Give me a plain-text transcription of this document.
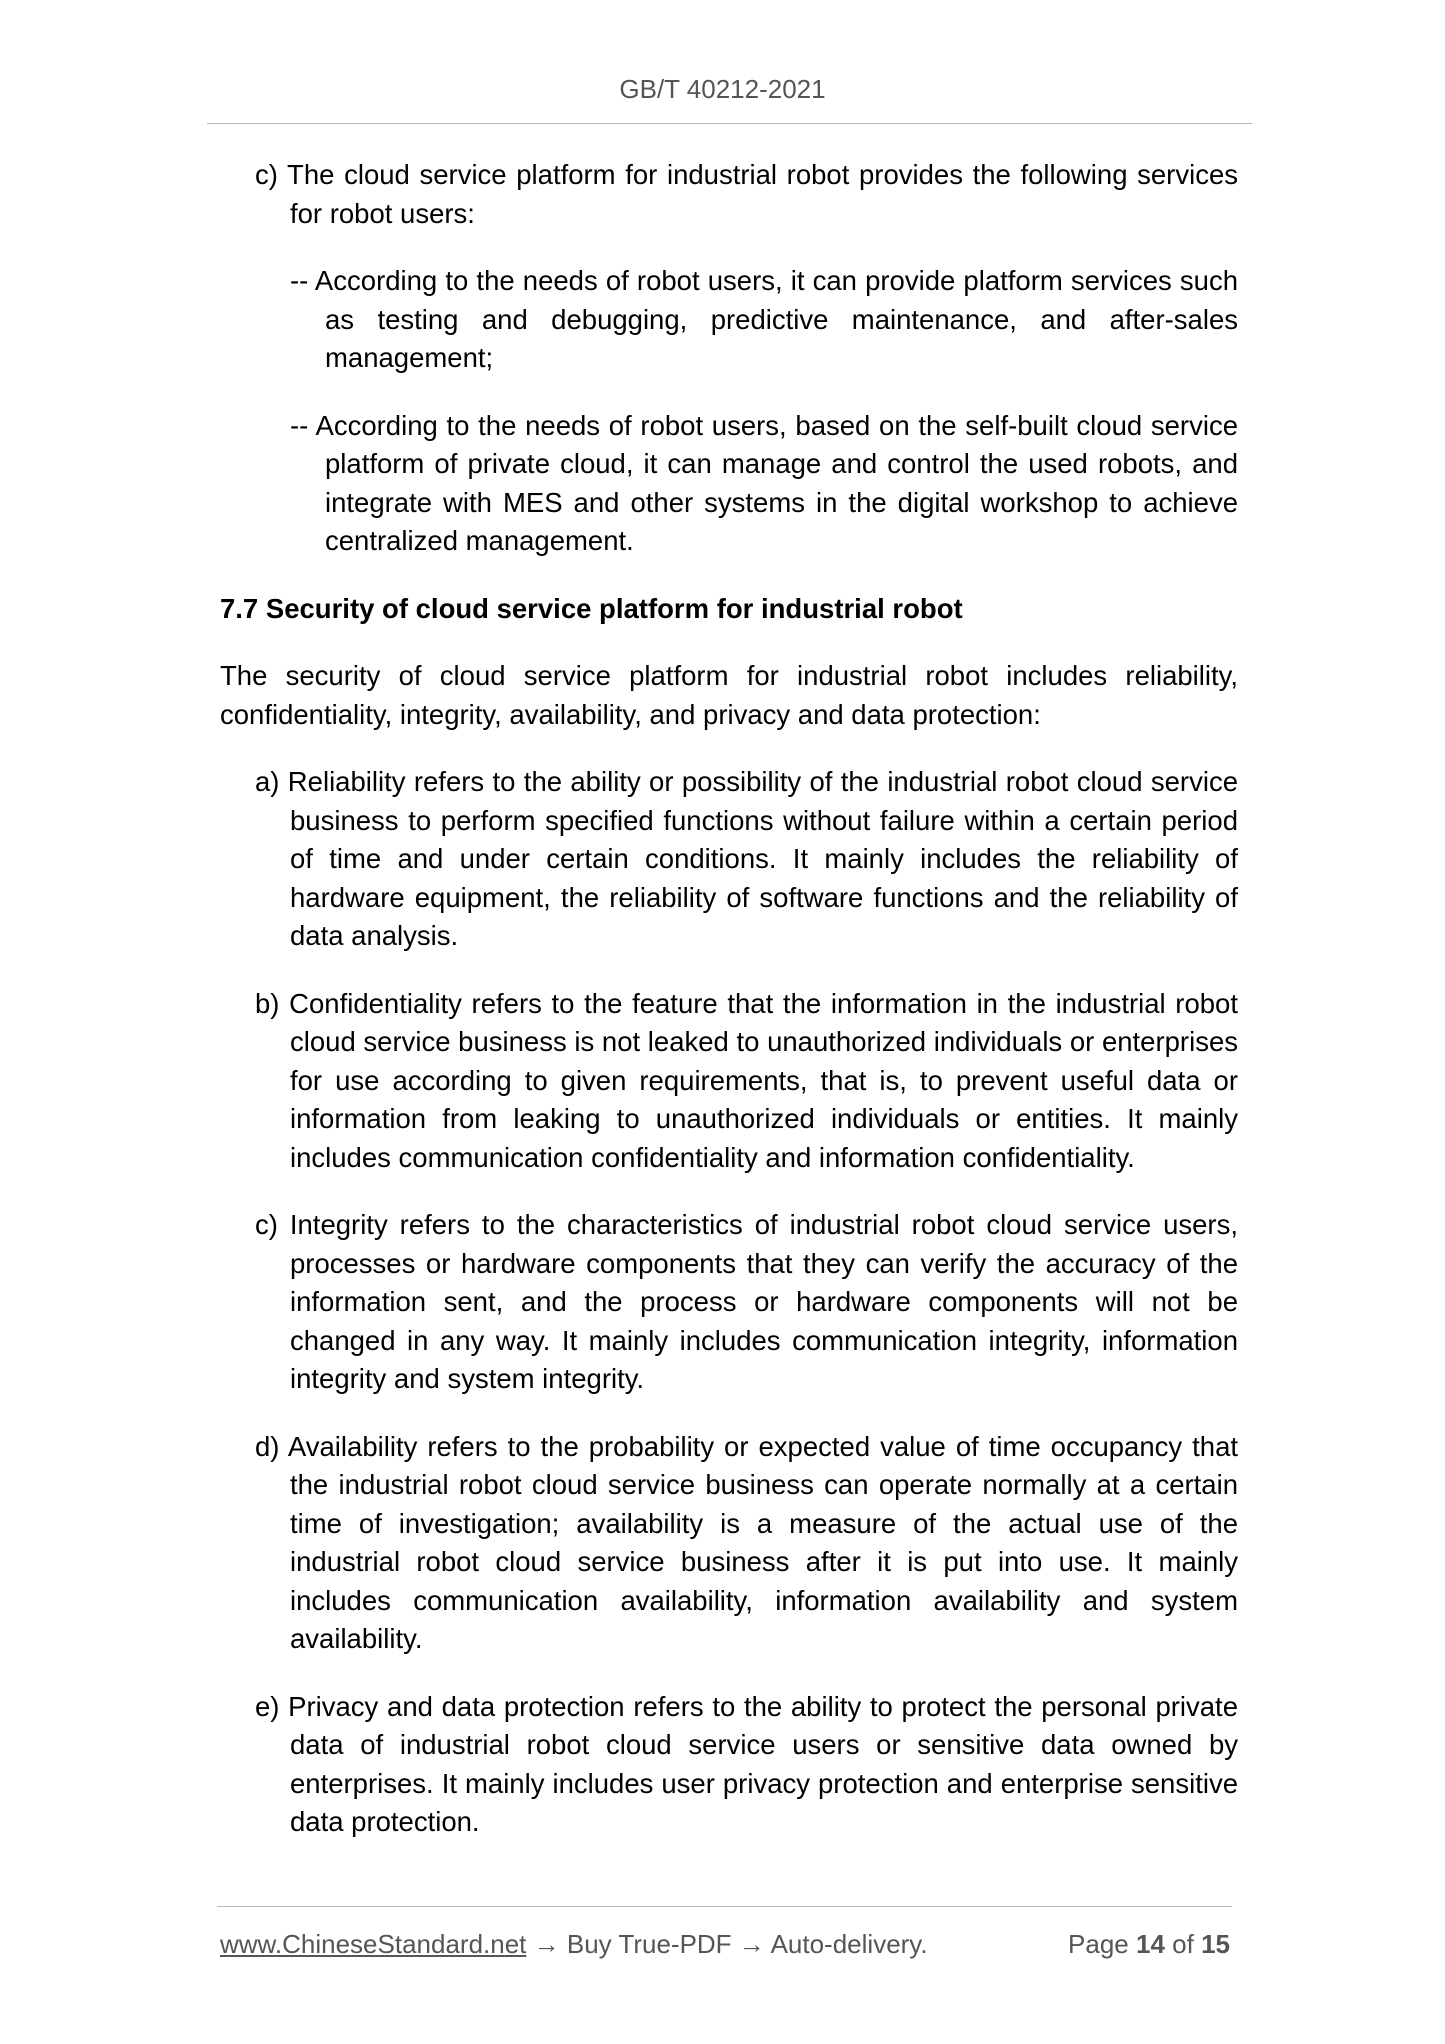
GB/T 40212-2021

c) The cloud service platform for industrial robot provides the following services for robot users:

-- According to the needs of robot users, it can provide platform services such as testing and debugging, predictive maintenance, and after-sales management;

-- According to the needs of robot users, based on the self-built cloud service platform of private cloud, it can manage and control the used robots, and integrate with MES and other systems in the digital workshop to achieve centralized management.

7.7 Security of cloud service platform for industrial robot

The security of cloud service platform for industrial robot includes reliability, confidentiality, integrity, availability, and privacy and data protection:

a) Reliability refers to the ability or possibility of the industrial robot cloud service business to perform specified functions without failure within a certain period of time and under certain conditions. It mainly includes the reliability of hardware equipment, the reliability of software functions and the reliability of data analysis.

b) Confidentiality refers to the feature that the information in the industrial robot cloud service business is not leaked to unauthorized individuals or enterprises for use according to given requirements, that is, to prevent useful data or information from leaking to unauthorized individuals or entities. It mainly includes communication confidentiality and information confidentiality.

c) Integrity refers to the characteristics of industrial robot cloud service users, processes or hardware components that they can verify the accuracy of the information sent, and the process or hardware components will not be changed in any way. It mainly includes communication integrity, information integrity and system integrity.

d) Availability refers to the probability or expected value of time occupancy that the industrial robot cloud service business can operate normally at a certain time of investigation; availability is a measure of the actual use of the industrial robot cloud service business after it is put into use. It mainly includes communication availability, information availability and system availability.

e) Privacy and data protection refers to the ability to protect the personal private data of industrial robot cloud service users or sensitive data owned by enterprises. It mainly includes user privacy protection and enterprise sensitive data protection.

www.ChineseStandard.net → Buy True-PDF → Auto-delivery.	Page 14 of 15
